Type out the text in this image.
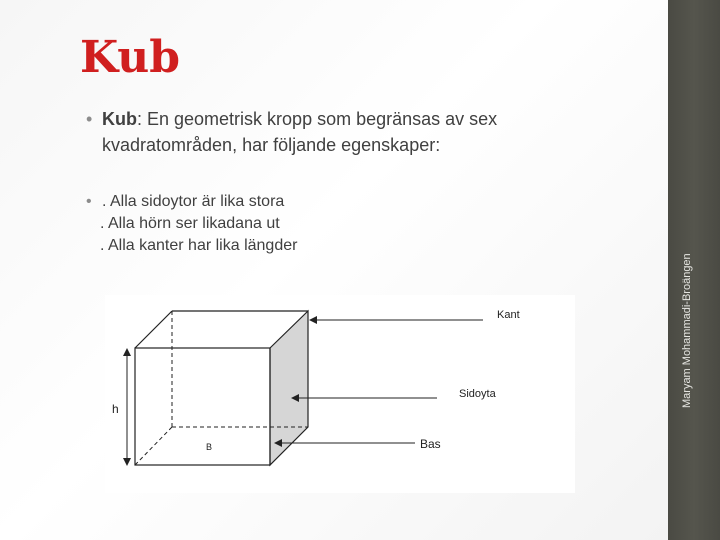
Maryam Mohammadi-Broängen
Kub
• Kub: En geometrisk kropp som begränsas av sex
kvadratområden, har följande egenskaper:
• . Alla sidoytor är lika stora
. Alla hörn ser likadana ut
. Alla kanter har lika längder
h
Kant
Sidoyta
Bas
B
